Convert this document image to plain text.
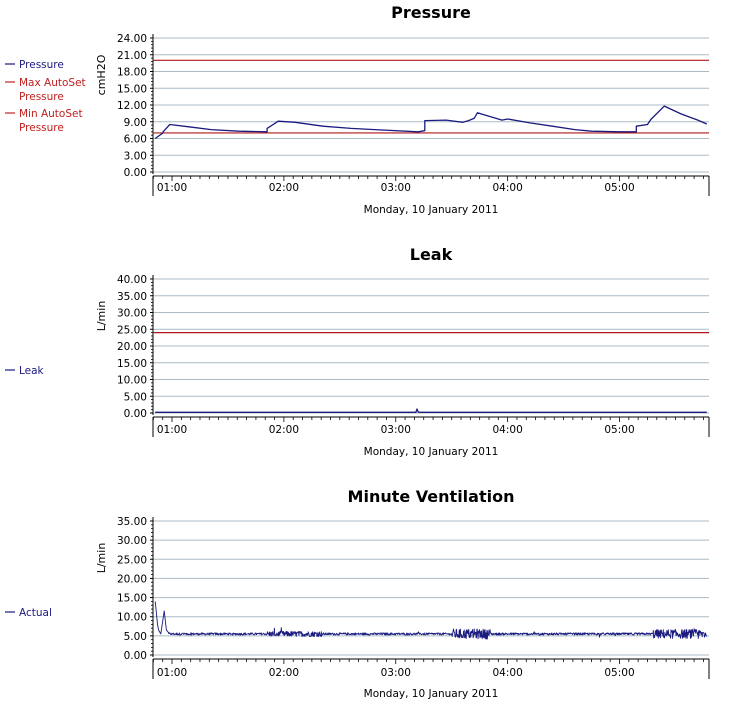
Pressure
24.00
21.00
18.00
15.00
12.00
9.00
6.00
3.00
0.00
cmH2O
01:00	02:00	03:00	04:00	05:00
Monday, 10 January 2011
Pressure
Max AutoSet Pressure
Min AutoSet Pressure
Leak
40.00
35.00
30.00
25.00
20.00
15.00
10.00
5.00
0.00
L/min
01:00	02:00	03:00	04:00	05:00
Monday, 10 January 2011
Leak
Minute Ventilation
35.00
30.00
25.00
20.00
15.00
10.00
5.00
0.00
L/min
01:00	02:00	03:00	04:00	05:00
Monday, 10 January 2011
Actual
